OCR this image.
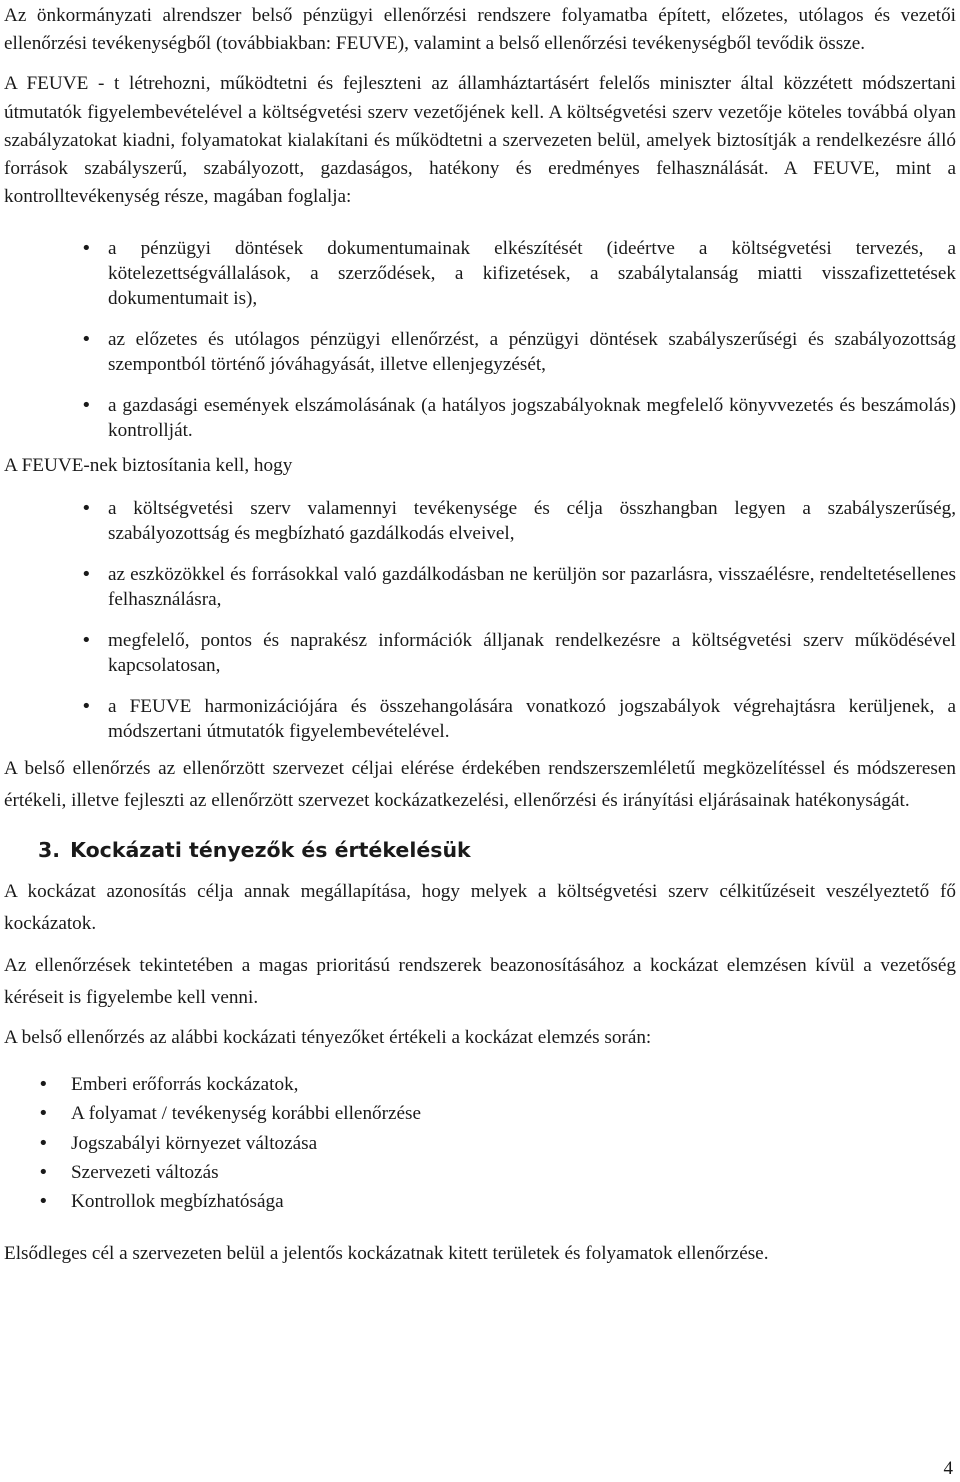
Az önkormányzati alrendszer belső pénzügyi ellenőrzési rendszere folyamatba épített, előzetes, utólagos és vezetői ellenőrzési tevékenységből (továbbiakban: FEUVE), valamint a belső ellenőrzési tevékenységből tevődik össze.

A FEUVE - t létrehozni, működtetni és fejleszteni az államháztartásért felelős miniszter által közzétett módszertani útmutatók figyelembevételével a költségvetési szerv vezetőjének kell. A költségvetési szerv vezetője köteles továbbá olyan szabályzatokat kiadni, folyamatokat kialakítani és működtetni a szervezeten belül, amelyek biztosítják a rendelkezésre álló források szabályszerű, szabályozott, gazdaságos, hatékony és eredményes felhasználását. A FEUVE, mint a kontrolltevékenység része, magában foglalja:

• a pénzügyi döntések dokumentumainak elkészítését (ideértve a költségvetési tervezés, a kötelezettségvállalások, a szerződések, a kifizetések, a szabálytalanság miatti visszafizettetések dokumentumait is),
• az előzetes és utólagos pénzügyi ellenőrzést, a pénzügyi döntések szabályszerűségi és szabályozottság szempontból történő jóváhagyását, illetve ellenjegyzését,
• a gazdasági események elszámolásának (a hatályos jogszabályoknak megfelelő könyvvezetés és beszámolás) kontrollját.

A FEUVE-nek biztosítania kell, hogy

• a költségvetési szerv valamennyi tevékenysége és célja összhangban legyen a szabályszerűség, szabályozottság és megbízható gazdálkodás elveivel,
• az eszközökkel és forrásokkal való gazdálkodásban ne kerüljön sor pazarlásra, visszaélésre, rendeltetésellenes felhasználásra,
• megfelelő, pontos és naprakész információk álljanak rendelkezésre a költségvetési szerv működésével kapcsolatosan,
• a FEUVE harmonizációjára és összehangolására vonatkozó jogszabályok végrehajtásra kerüljenek, a módszertani útmutatók figyelembevételével.

A belső ellenőrzés az ellenőrzött szervezet céljai elérése érdekében rendszerszemléletű megközelítéssel és módszeresen értékeli, illetve fejleszti az ellenőrzött szervezet kockázatkezelési, ellenőrzési és irányítási eljárásainak hatékonyságát.

3. Kockázati tényezők és értékelésük

A kockázat azonosítás célja annak megállapítása, hogy melyek a költségvetési szerv célkitűzéseit veszélyeztető fő kockázatok.

Az ellenőrzések tekintetében a magas prioritású rendszerek beazonosításához a kockázat elemzésen kívül a vezetőség kéréseit is figyelembe kell venni.

A belső ellenőrzés az alábbi kockázati tényezőket értékeli a kockázat elemzés során:

• Emberi erőforrás kockázatok,
• A folyamat / tevékenység korábbi ellenőrzése
• Jogszabályi környezet változása
• Szervezeti változás
• Kontrollok megbízhatósága

Elsődleges cél a szervezeten belül a jelentős kockázatnak kitett területek és folyamatok ellenőrzése.

4
